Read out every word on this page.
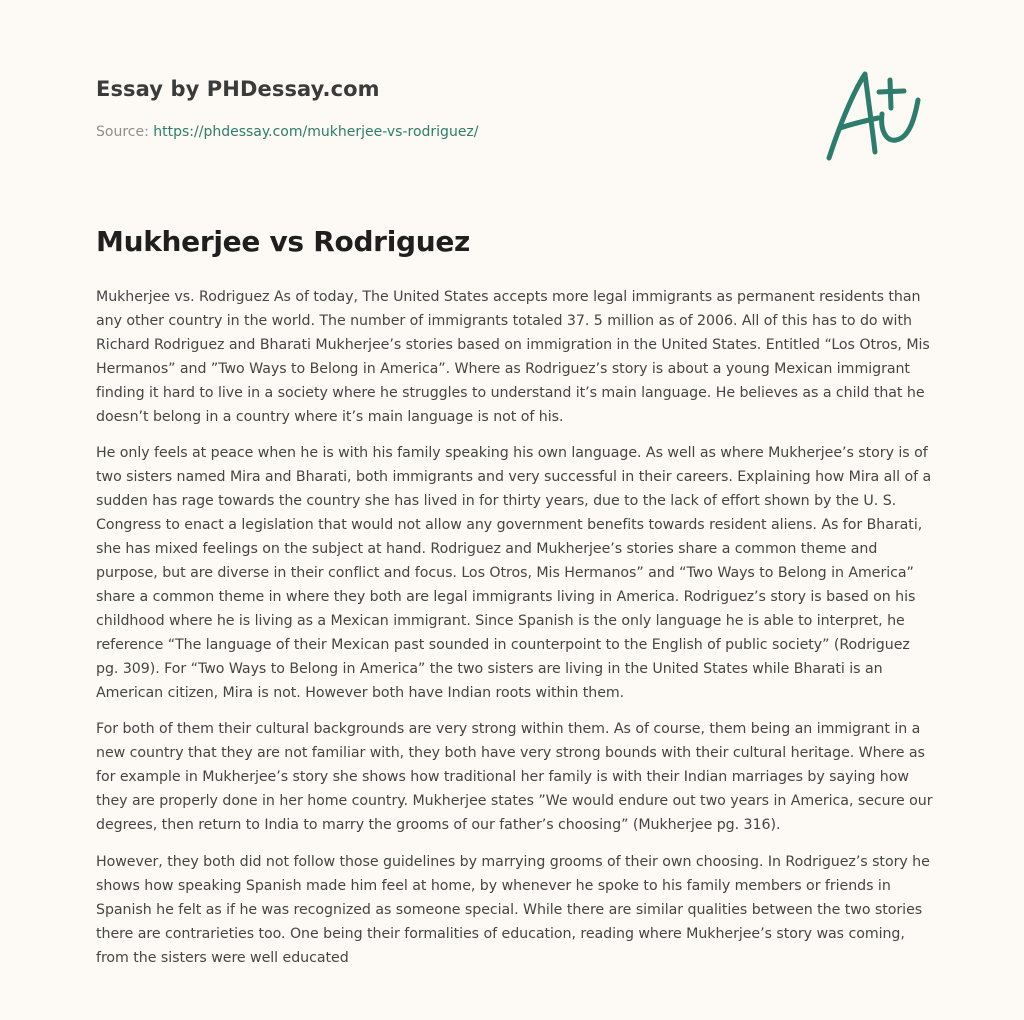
Essay by PHDessay.com
Source: https://phdessay.com/mukherjee-vs-rodriguez/
Mukherjee vs Rodriguez

Mukherjee vs. Rodriguez As of today, The United States accepts more legal immigrants as permanent residents than any other country in the world. The number of immigrants totaled 37. 5 million as of 2006. All of this has to do with Richard Rodriguez and Bharati Mukherjee’s stories based on immigration in the United States. Entitled “Los Otros, Mis Hermanos” and ”Two Ways to Belong in America”. Where as Rodriguez’s story is about a young Mexican immigrant finding it hard to live in a society where he struggles to understand it’s main language. He believes as a child that he doesn’t belong in a country where it’s main language is not of his.

He only feels at peace when he is with his family speaking his own language. As well as where Mukherjee’s story is of two sisters named Mira and Bharati, both immigrants and very successful in their careers. Explaining how Mira all of a sudden has rage towards the country she has lived in for thirty years, due to the lack of effort shown by the U. S. Congress to enact a legislation that would not allow any government benefits towards resident aliens. As for Bharati, she has mixed feelings on the subject at hand. Rodriguez and Mukherjee’s stories share a common theme and purpose, but are diverse in their conflict and focus. Los Otros, Mis Hermanos” and “Two Ways to Belong in America” share a common theme in where they both are legal immigrants living in America. Rodriguez’s story is based on his childhood where he is living as a Mexican immigrant. Since Spanish is the only language he is able to interpret, he reference “The language of their Mexican past sounded in counterpoint to the English of public society” (Rodriguez pg. 309). For “Two Ways to Belong in America” the two sisters are living in the United States while Bharati is an American citizen, Mira is not. However both have Indian roots within them.

For both of them their cultural backgrounds are very strong within them. As of course, them being an immigrant in a new country that they are not familiar with, they both have very strong bounds with their cultural heritage. Where as for example in Mukherjee’s story she shows how traditional her family is with their Indian marriages by saying how they are properly done in her home country. Mukherjee states ”We would endure out two years in America, secure our degrees, then return to India to marry the grooms of our father’s choosing” (Mukherjee pg. 316).

However, they both did not follow those guidelines by marrying grooms of their own choosing. In Rodriguez’s story he shows how speaking Spanish made him feel at home, by whenever he spoke to his family members or friends in Spanish he felt as if he was recognized as someone special. While there are similar qualities between the two stories there are contrarieties too. One being their formalities of education, reading where Mukherjee’s story was coming, from the sisters were well educated
